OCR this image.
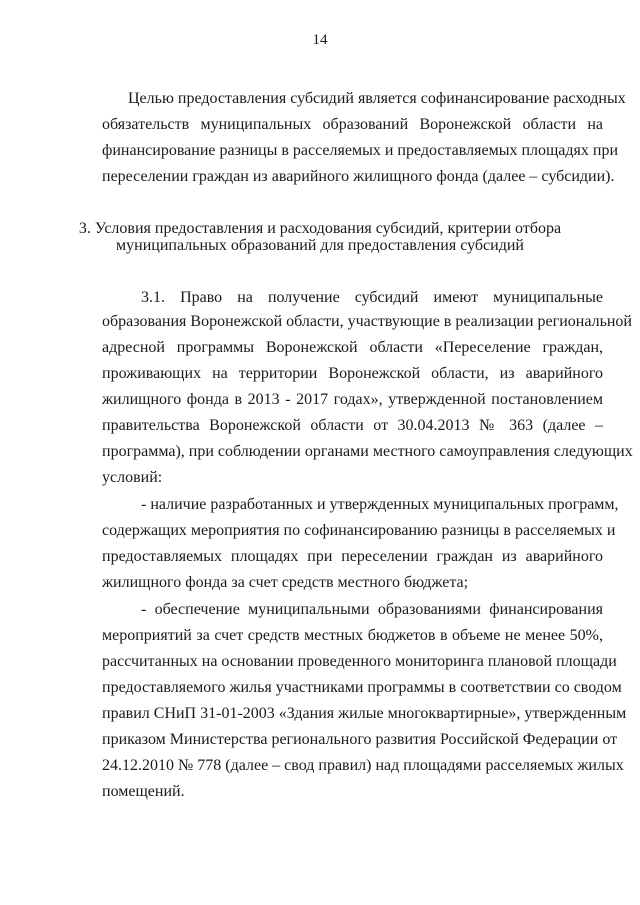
14
Целью предоставления субсидий является софинансирование расходных
обязательств муниципальных образований Воронежской области на
финансирование разницы в расселяемых и предоставляемых площадях при
переселении граждан из аварийного жилищного фонда (далее – субсидии).
3. Условия предоставления и расходования субсидий, критерии отбора
муниципальных образований для предоставления субсидий
3.1. Право на получение субсидий имеют муниципальные
образования Воронежской области, участвующие в реализации региональной
адресной программы Воронежской области «Переселение граждан,
проживающих на территории Воронежской области, из аварийного
жилищного фонда в 2013 - 2017 годах», утвержденной постановлением
правительства Воронежской области от 30.04.2013 № 363 (далее –
программа), при соблюдении органами местного самоуправления следующих
условий:
- наличие разработанных и утвержденных муниципальных программ,
содержащих мероприятия по софинансированию разницы в расселяемых и
предоставляемых площадях при переселении граждан из аварийного
жилищного фонда за счет средств местного бюджета;
- обеспечение муниципальными образованиями финансирования
мероприятий за счет средств местных бюджетов в объеме не менее 50%,
рассчитанных на основании проведенного мониторинга плановой площади
предоставляемого жилья участниками программы в соответствии со сводом
правил СНиП 31-01-2003 «Здания жилые многоквартирные», утвержденным
приказом Министерства регионального развития Российской Федерации от
24.12.2010 № 778 (далее – свод правил) над площадями расселяемых жилых
помещений.
